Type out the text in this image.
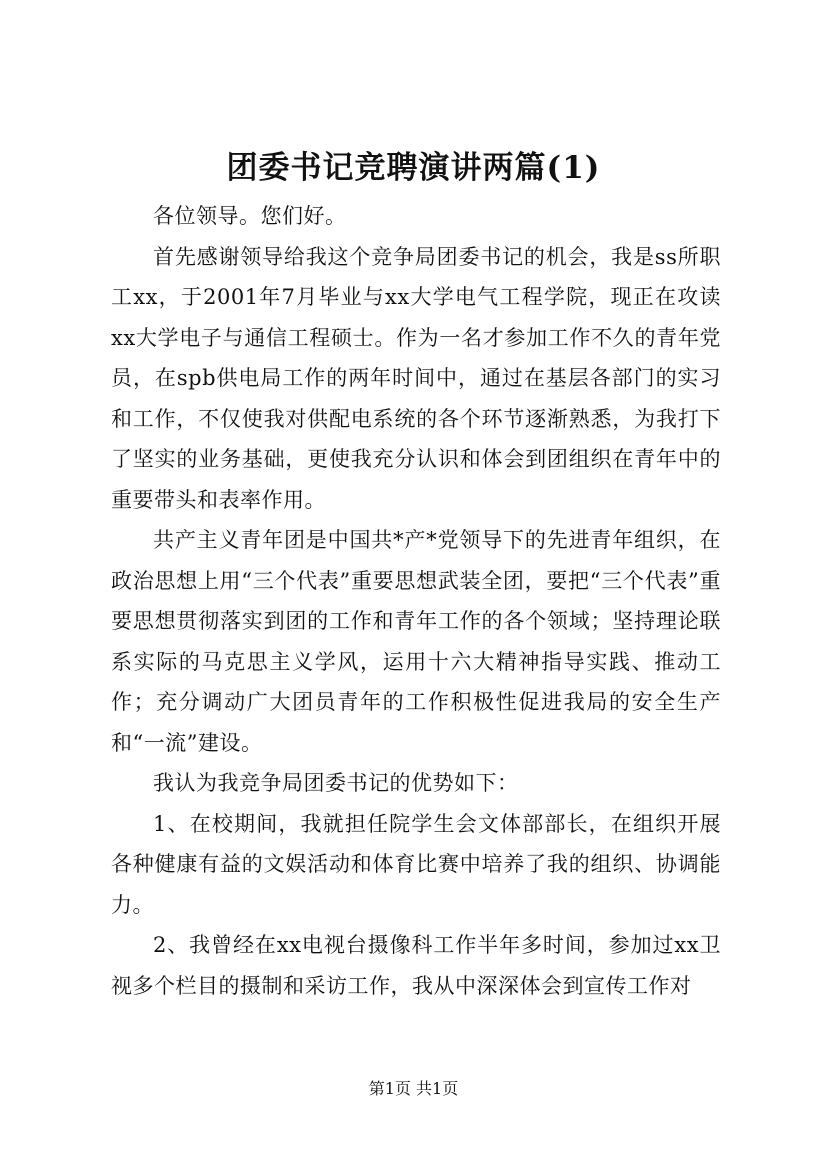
团委书记竞聘演讲两篇(1)

各位领导。您们好。

首先感谢领导给我这个竞争局团委书记的机会，我是ss所职工xx，于2001年7月毕业与xx大学电气工程学院，现正在攻读xx大学电子与通信工程硕士。作为一名才参加工作不久的青年党员，在spb供电局工作的两年时间中，通过在基层各部门的实习和工作，不仅使我对供配电系统的各个环节逐渐熟悉，为我打下了坚实的业务基础，更使我充分认识和体会到团组织在青年中的重要带头和表率作用。

共产主义青年团是中国共*产*党领导下的先进青年组织，在政治思想上用“三个代表”重要思想武装全团，要把“三个代表”重要思想贯彻落实到团的工作和青年工作的各个领域；坚持理论联系实际的马克思主义学风，运用十六大精神指导实践、推动工作；充分调动广大团员青年的工作积极性促进我局的安全生产和“一流”建设。

我认为我竞争局团委书记的优势如下：

1、在校期间，我就担任院学生会文体部部长，在组织开展各种健康有益的文娱活动和体育比赛中培养了我的组织、协调能力。

2、我曾经在xx电视台摄像科工作半年多时间，参加过xx卫视多个栏目的摄制和采访工作，我从中深深体会到宣传工作对

第1页 共1页
